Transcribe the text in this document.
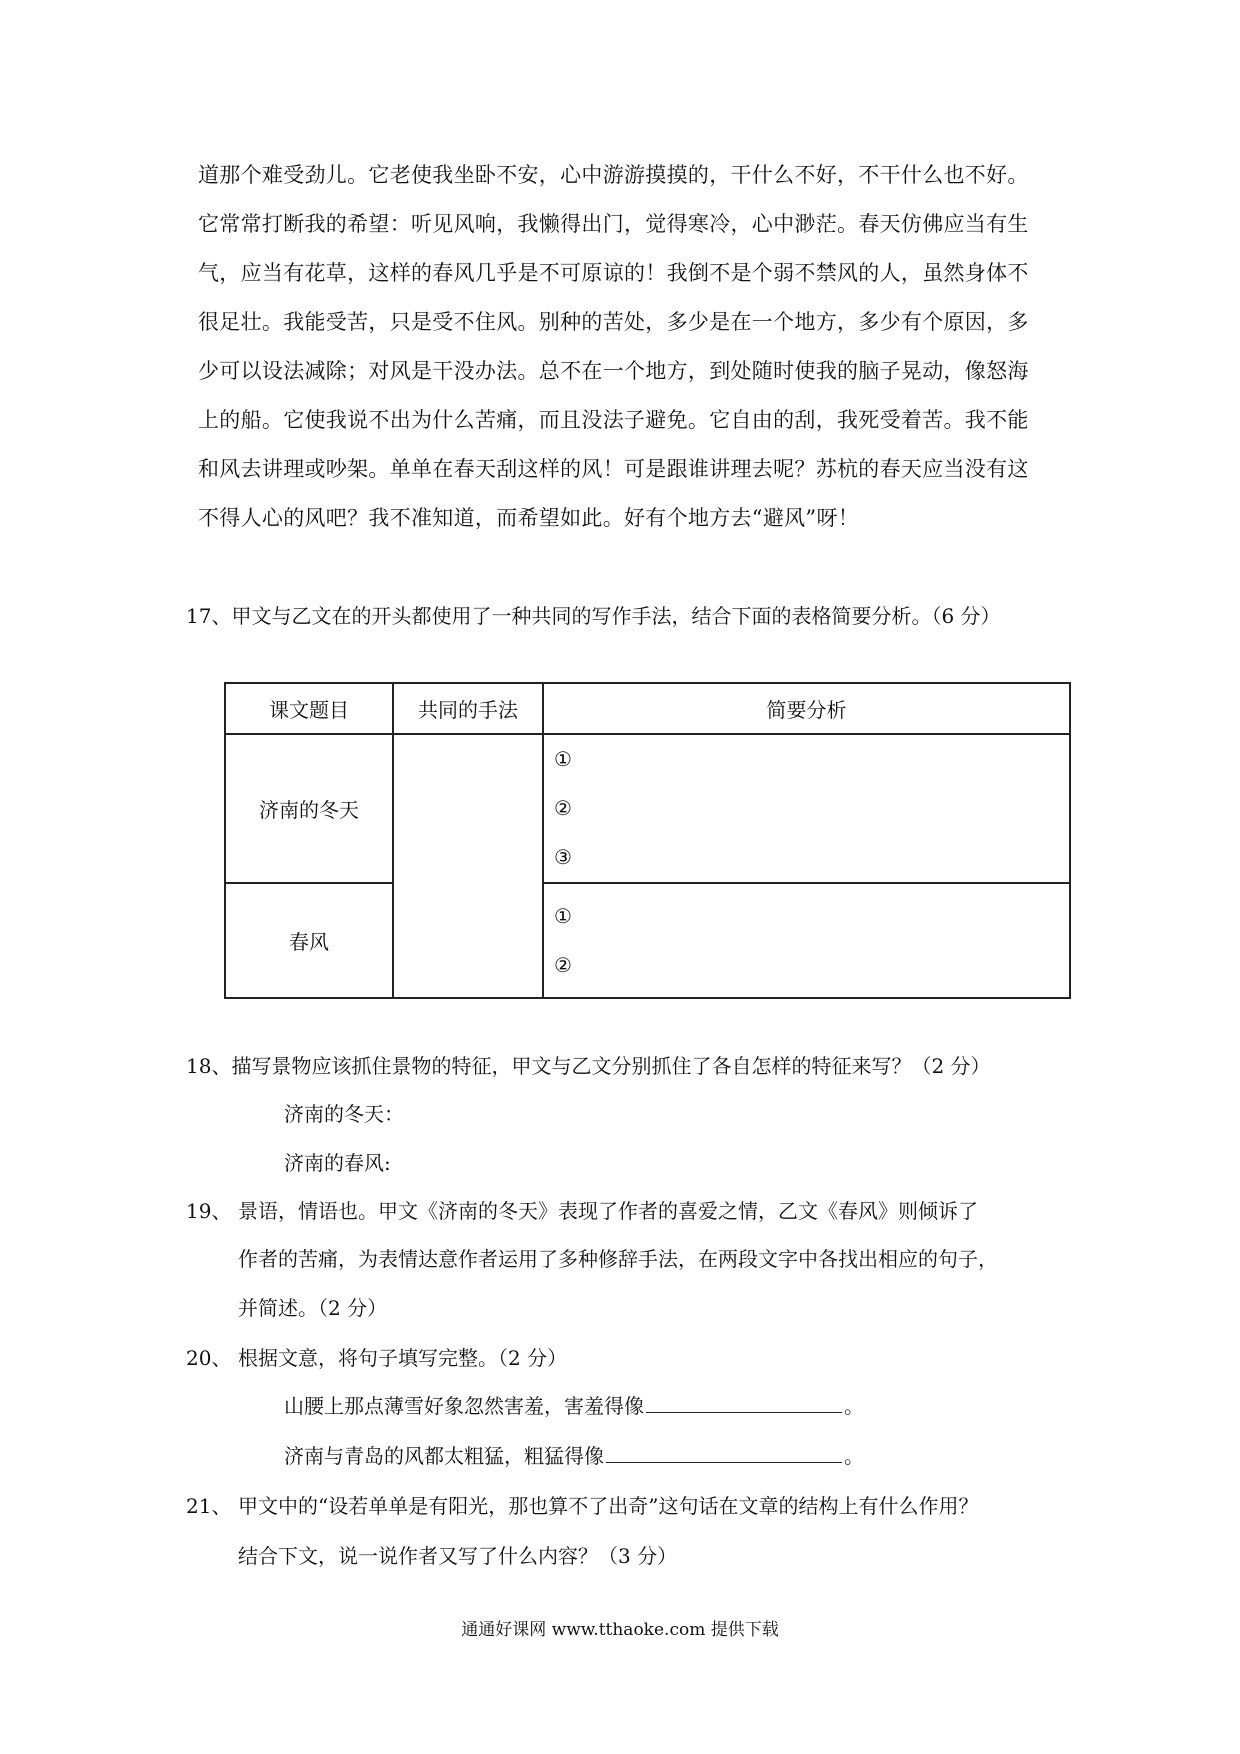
道那个难受劲儿。它老使我坐卧不安，心中游游摸摸的，干什么不好，不干什么也不好。
它常常打断我的希望：听见风响，我懒得出门，觉得寒冷，心中渺茫。春天仿佛应当有生
气，应当有花草，这样的春风几乎是不可原谅的！我倒不是个弱不禁风的人，虽然身体不
很足壮。我能受苦，只是受不住风。别种的苦处，多少是在一个地方，多少有个原因，多
少可以设法减除；对风是干没办法。总不在一个地方，到处随时使我的脑子晃动，像怒海
上的船。它使我说不出为什么苦痛，而且没法子避免。它自由的刮，我死受着苦。我不能
和风去讲理或吵架。单单在春天刮这样的风！可是跟谁讲理去呢？苏杭的春天应当没有这
不得人心的风吧？我不准知道，而希望如此。好有个地方去“避风”呀！
17、甲文与乙文在的开头都使用了一种共同的写作手法，结合下面的表格简要分析。（6 分）
课文题目	共同的手法	简要分析
济南的冬天		①
②
③

春风		①
②
18、描写景物应该抓住景物的特征，甲文与乙文分别抓住了各自怎样的特征来写？（2 分）
济南的冬天：
济南的春风:
19、 景语，情语也。甲文《济南的冬天》表现了作者的喜爱之情，乙文《春风》则倾诉了
作者的苦痛，为表情达意作者运用了多种修辞手法，在两段文字中各找出相应的句子，
并简述。（2 分）
20、 根据文意，将句子填写完整。（2 分）
山腰上那点薄雪好象忽然害羞，害羞得像	。
济南与青岛的风都太粗猛，粗猛得像	。
21、 甲文中的“设若单单是有阳光，那也算不了出奇”这句话在文章的结构上有什么作用？
结合下文，说一说作者又写了什么内容？（3 分）
通通好课网 www.tthaoke.com 提供下载
